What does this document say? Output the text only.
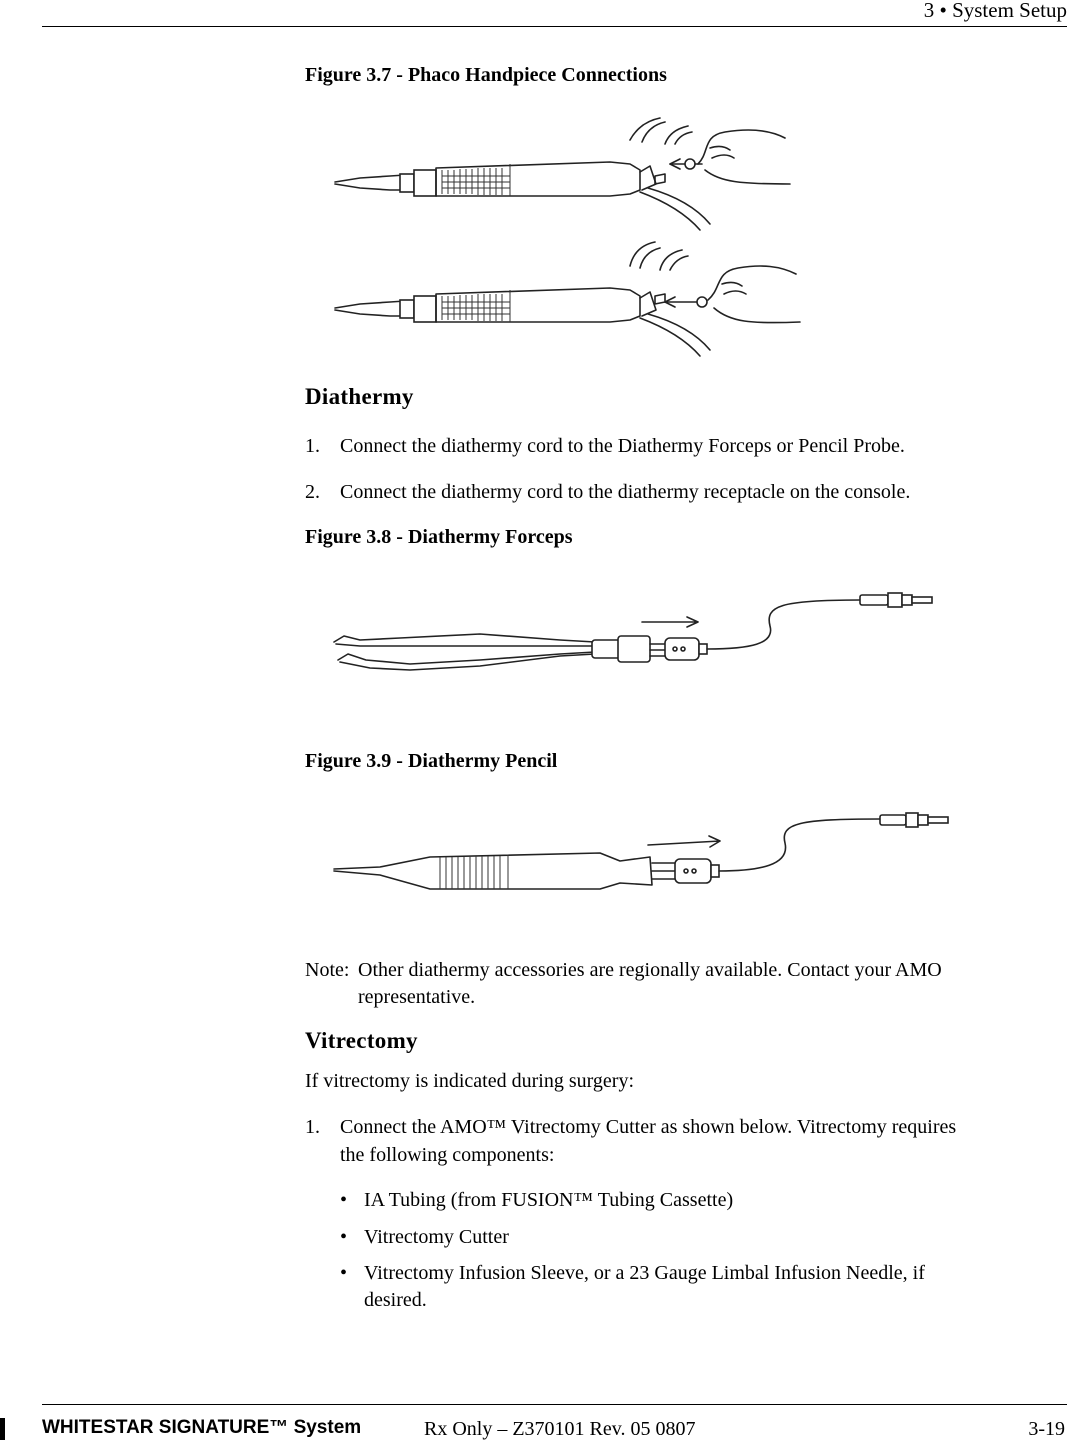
3 • System Setup
Figure 3.7 - Phaco Handpiece Connections
Diathermy
1. Connect the diathermy cord to the Diathermy Forceps or Pencil Probe.
2. Connect the diathermy cord to the diathermy receptacle on the console.
Figure 3.8 - Diathermy Forceps
Figure 3.9 - Diathermy Pencil
Note: Other diathermy accessories are regionally available. Contact your AMO
representative.
Vitrectomy
If vitrectomy is indicated during surgery:
1. Connect the AMO™ Vitrectomy Cutter as shown below. Vitrectomy requires
the following components:
• IA Tubing (from FUSION™ Tubing Cassette)
• Vitrectomy Cutter
• Vitrectomy Infusion Sleeve, or a 23 Gauge Limbal Infusion Needle, if
desired.
WHITESTAR SIGNATURE™ System	Rx Only – Z370101 Rev. 05 0807	3-19
